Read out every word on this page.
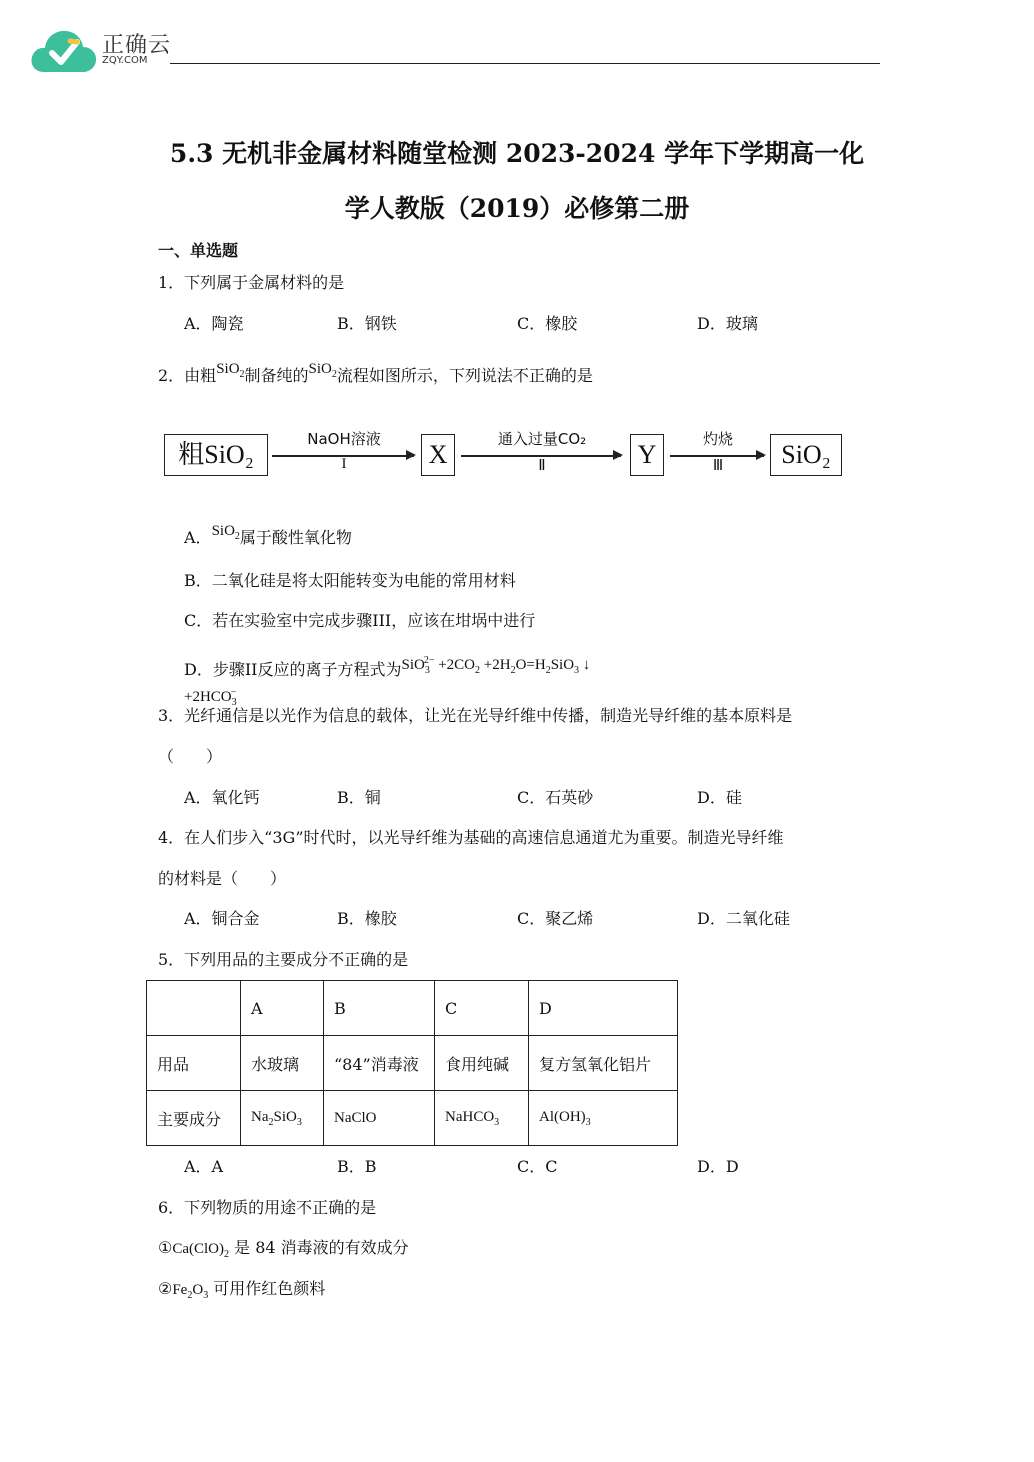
正确云
ZQY.COM
5.3 无机非金属材料随堂检测 2023-2024 学年下学期高一化
学人教版（2019）必修第二册
一、单选题
1．下列属于金属材料的是
A．陶瓷	B．钢铁	C．橡胶	D．玻璃
2．由粗SiO$_2$制备纯的SiO$_2$流程如图所示，下列说法不正确的是
粗SiO₂
NaOH溶液
I	X
通入过量CO₂
Ⅱ	Y
灼烧
Ⅲ	SiO₂
A．SiO$_2$属于酸性氧化物
B．二氧化硅是将太阳能转变为电能的常用材料
C．若在实验室中完成步骤III，应该在坩埚中进行
D．步骤II反应的离子方程式为$SiO_3^{2-} +2CO_2 +2H_2O=H_2SiO_3$ ↓ $+2HCO_3^-$
3．光纤通信是以光作为信息的载体，让光在光导纤维中传播，制造光导纤维的基本原料是
（　　）
A．氧化钙	B．铜	C．石英砂	D．硅
4．在人们步入“3G”时代时，以光导纤维为基础的高速信息通道尤为重要。制造光导纤维
的材料是（　　）
A．铜合金	B．橡胶	C．聚乙烯	D．二氧化硅
5．下列用品的主要成分不正确的是
	A	B	C	D
用品	水玻璃	“84”消毒液	食用纯碱	复方氢氧化铝片
主要成分	$Na_2SiO_3$	NaClO	NaHCO$_3$	$Al(OH)_3$
A．A	B．B	C．C	D．D
6．下列物质的用途不正确的是
$①Ca(ClO)_2$ 是 84 消毒液的有效成分
$②Fe_2O_3$ 可用作红色颜料
